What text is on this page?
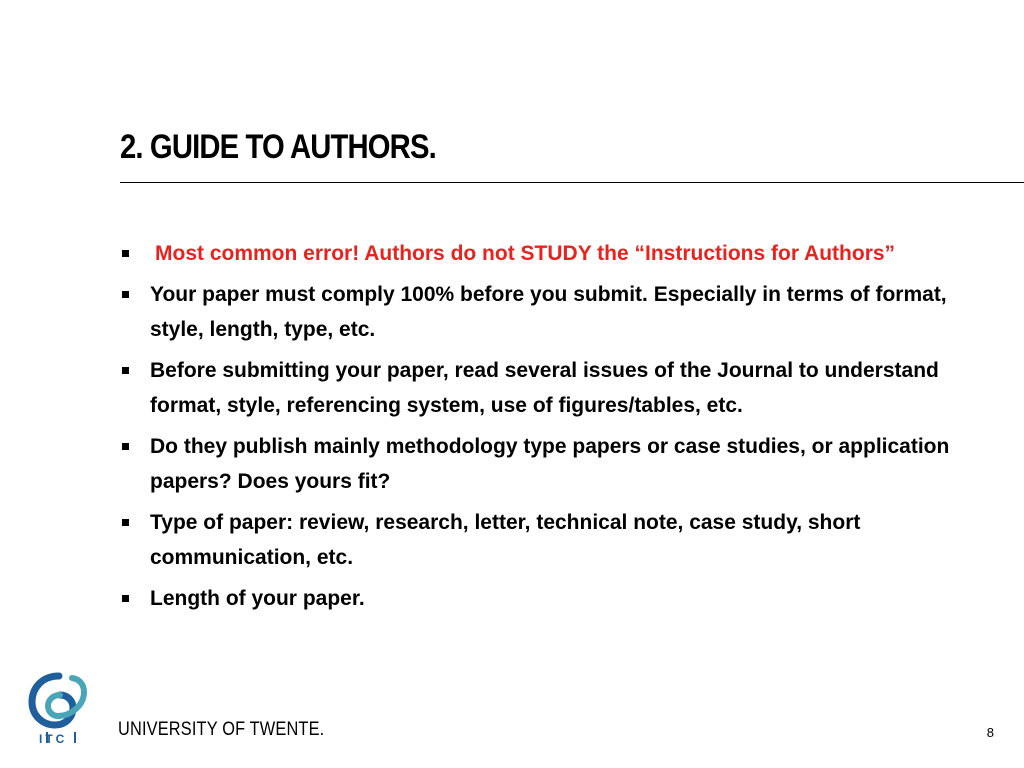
2. GUIDE TO AUTHORS.
Most common error! Authors do not STUDY the “Instructions for Authors”
Your paper must comply 100% before you submit. Especially in terms of format, style, length, type, etc.
Before submitting your paper, read several issues of the Journal to understand format, style, referencing system, use of figures/tables, etc.
Do they publish mainly methodology type papers or case studies, or application papers? Does yours fit?
Type of paper: review, research, letter, technical note, case study, short communication, etc.
Length of your paper.
ITC	UNIVERSITY OF TWENTE.	8
